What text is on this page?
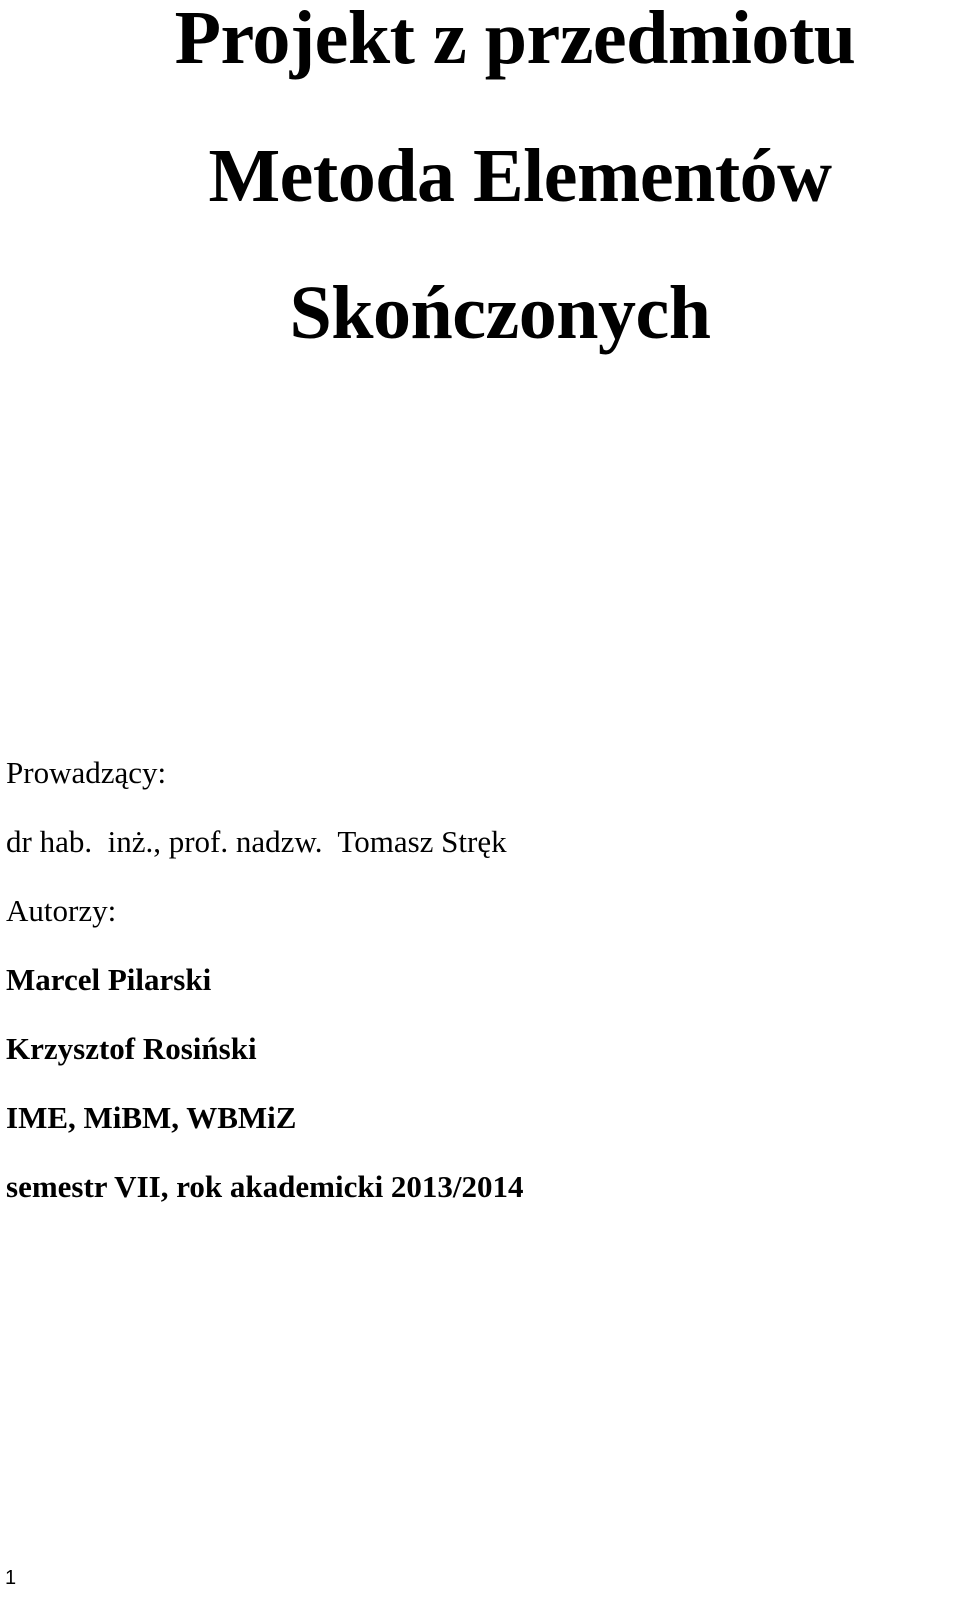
Projekt z przedmiotu
Metoda Elementów
Skończonych
Prowadzący:
dr hab.  inż., prof. nadzw.  Tomasz Stręk
Autorzy:
Marcel Pilarski
Krzysztof Rosiński
IME, MiBM, WBMiZ
semestr VII, rok akademicki 2013/2014
1
